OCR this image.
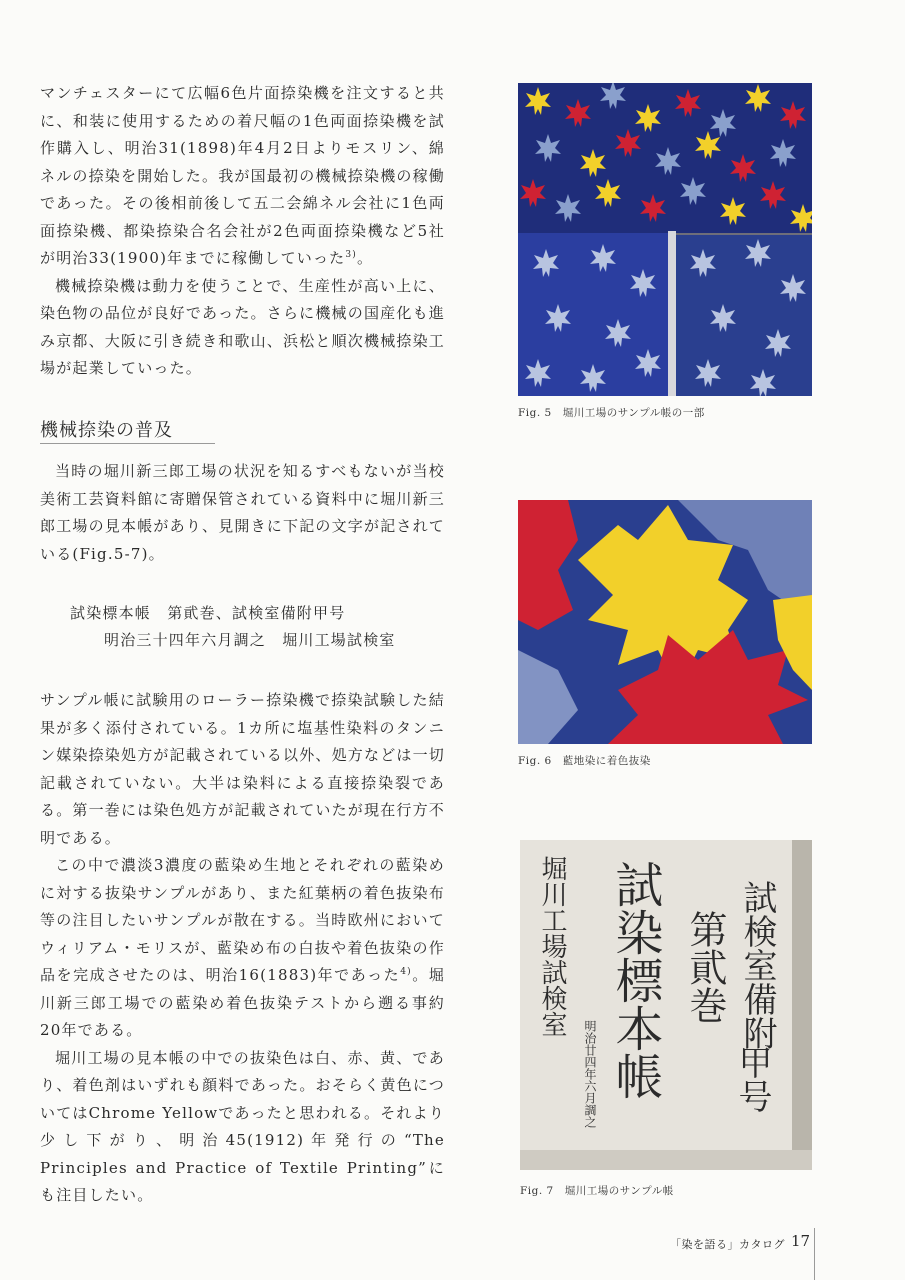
マンチェスターにて広幅6色片面捺染機を注文すると共に、和装に使用するための着尺幅の1色両面捺染機を試作購入し、明治31(1898)年4月2日よりモスリン、綿ネルの捺染を開始した。我が国最初の機械捺染機の稼働であった。その後相前後して五二会綿ネル会社に1色両面捺染機、都染捺染合名会社が2色両面捺染機など5社が明治33(1900)年までに稼働していった$^{3)}$。

機械捺染機は動力を使うことで、生産性が高い上に、染色物の品位が良好であった。さらに機械の国産化も進み京都、大阪に引き続き和歌山、浜松と順次機械捺染工場が起業していった。

機械捺染の普及

当時の堀川新三郎工場の状況を知るすべもないが当校美術工芸資料館に寄贈保管されている資料中に堀川新三郎工場の見本帳があり、見開きに下記の文字が記されている(Fig.5-7)。

試染標本帳　第貮巻、試検室備附甲号
明治三十四年六月調之　堀川工場試検室

サンプル帳に試験用のローラー捺染機で捺染試験した結果が多く添付されている。1カ所に塩基性染料のタンニン媒染捺染処方が記載されている以外、処方などは一切記載されていない。大半は染料による直接捺染裂である。第一巻には染色処方が記載されていたが現在行方不明である。

この中で濃淡3濃度の藍染め生地とそれぞれの藍染めに対する抜染サンプルがあり、また紅葉柄の着色抜染布等の注目したいサンプルが散在する。当時欧州においてウィリアム・モリスが、藍染め布の白抜や着色抜染の作品を完成させたのは、明治16(1883)年であった$^{4)}$。堀川新三郎工場での藍染め着色抜染テストから遡る事約20年である。

堀川工場の見本帳の中での抜染色は白、赤、黄、であり、着色剤はいずれも顔料であった。おそらく黄色についてはChrome Yellowであったと思われる。それより少し下がり、明治45(1912)年発行の“The Principles and Practice of Textile Printing”にも注目したい。

Fig. 5　堀川工場のサンプル帳の一部
Fig. 6　藍地染に着色抜染
試検室備附
甲号
試染標本帳 第貮巻
堀川工場試検室
明治廿四年六月調之
Fig. 7　堀川工場のサンプル帳
「染を語る」カタログ 17
